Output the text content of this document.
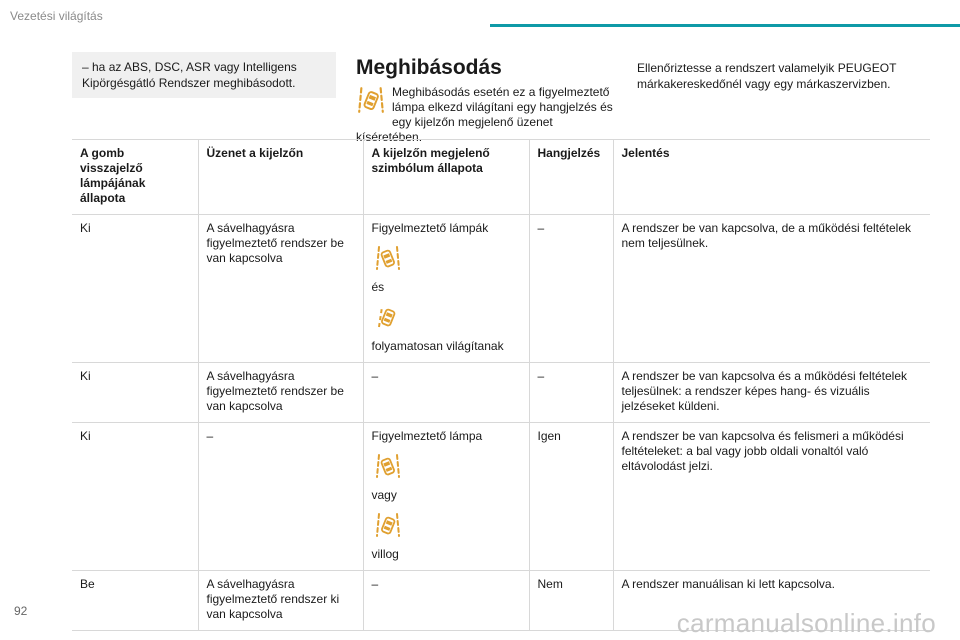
Vezetési világítás
– ha az ABS, DSC, ASR vagy Intelligens Kipörgésgátló Rendszer meghibásodott.
Meghibásodás
Meghibásodás esetén ez a figyelmeztető lámpa elkezd világítani egy hangjelzés és egy kijelzőn megjelenő üzenet kíséretében.
Ellenőriztesse a rendszert valamelyik PEUGEOT márkakereskedőnél vagy egy márkaszervizben.
A gomb visszajelző lámpájának állapota	Üzenet a kijelzőn	A kijelzőn megjelenő szimbólum állapota	Hangjelzés	Jelentés
Ki	A sávelhagyásra figyelmeztető rendszer be van kapcsolva	Figyelmeztető lámpák
és
folyamatosan világítanak	–	A rendszer be van kapcsolva, de a működési feltételek nem teljesülnek.
Ki	A sávelhagyásra figyelmeztető rendszer be van kapcsolva	–	–	A rendszer be van kapcsolva és a működési feltételek teljesülnek: a rendszer képes hang- és vizuális jelzéseket küldeni.
Ki	–	Figyelmeztető lámpa
vagy
villog	Igen	A rendszer be van kapcsolva és felismeri a működési feltételeket: a bal vagy jobb oldali vonaltól való eltávolodást jelzi.
Be	A sávelhagyásra figyelmeztető rendszer ki van kapcsolva	–	Nem	A rendszer manuálisan ki lett kapcsolva.
92	carmanualsonline.info
